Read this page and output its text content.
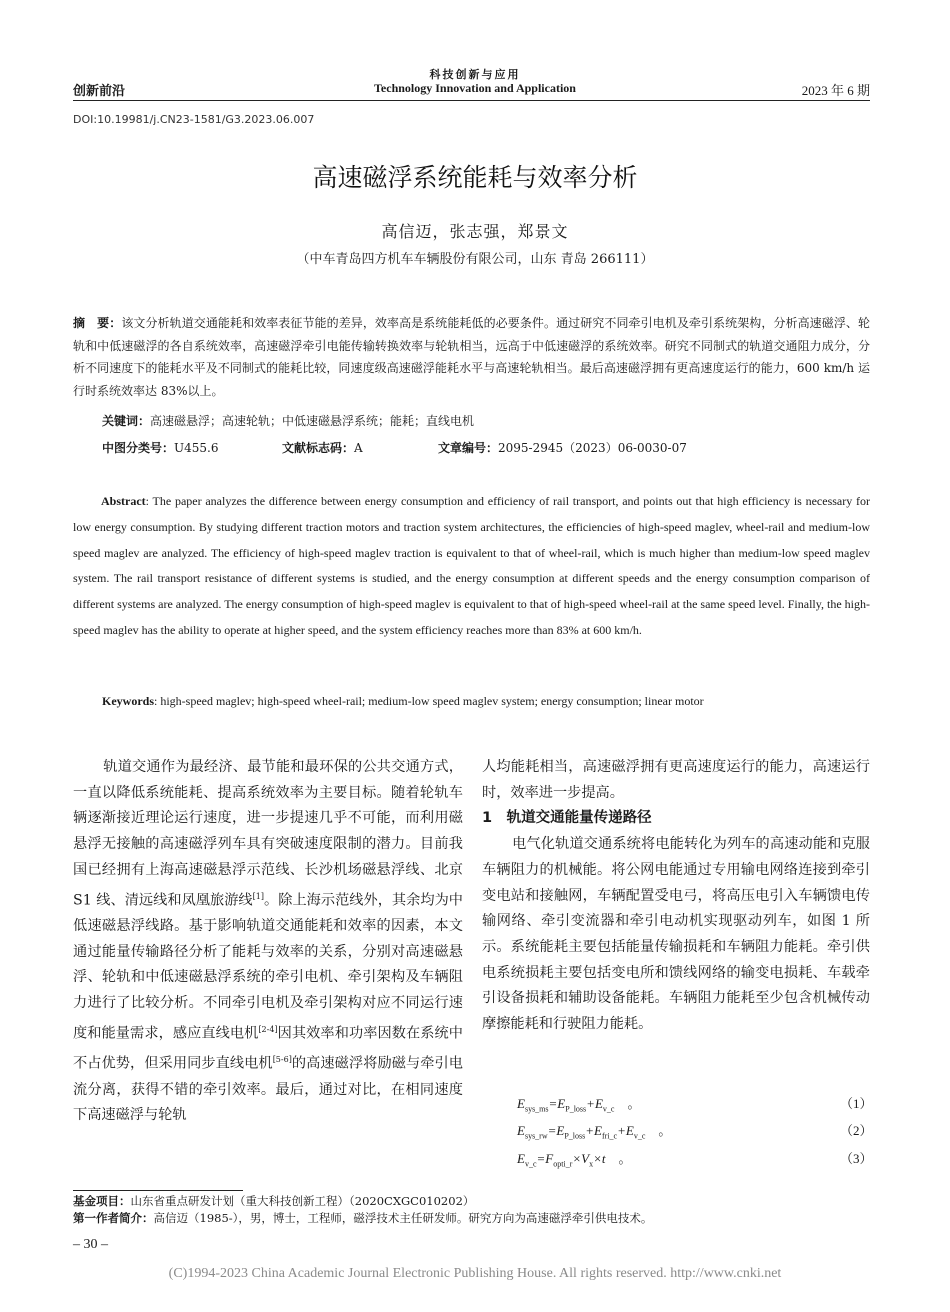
创新前沿
科技创新与应用
Technology Innovation and Application	2023 年 6 期
DOI:10.19981/j.CN23-1581/G3.2023.06.007
高速磁浮系统能耗与效率分析
高信迈，张志强，郑景文
（中车青岛四方机车车辆股份有限公司，山东 青岛 266111）
摘　要：该文分析轨道交通能耗和效率表征节能的差异，效率高是系统能耗低的必要条件。通过研究不同牵引电机及牵引系统架构，分析高速磁浮、轮轨和中低速磁浮的各自系统效率，高速磁浮牵引电能传输转换效率与轮轨相当，远高于中低速磁浮的系统效率。研究不同制式的轨道交通阻力成分，分析不同速度下的能耗水平及不同制式的能耗比较，同速度级高速磁浮能耗水平与高速轮轨相当。最后高速磁浮拥有更高速度运行的能力，600 km/h 运行时系统效率达 83%以上。
关键词：高速磁悬浮；高速轮轨；中低速磁悬浮系统；能耗；直线电机
中图分类号：U455.6	文献标志码：A	文章编号：2095-2945（2023）06-0030-07
Abstract: The paper analyzes the difference between energy consumption and efficiency of rail transport, and points out that high efficiency is necessary for low energy consumption. By studying different traction motors and traction system architectures, the efficiencies of high-speed maglev, wheel-rail and medium-low speed maglev are analyzed. The efficiency of high-speed maglev traction is equivalent to that of wheel-rail, which is much higher than medium-low speed maglev system. The rail transport resistance of different systems is studied, and the energy consumption at different speeds and the energy consumption comparison of different systems are analyzed. The energy consumption of high-speed maglev is equivalent to that of high-speed wheel-rail at the same speed level. Finally, the high-speed maglev has the ability to operate at higher speed, and the system efficiency reaches more than 83% at 600 km/h.
Keywords: high-speed maglev; high-speed wheel-rail; medium-low speed maglev system; energy consumption; linear motor
轨道交通作为最经济、最节能和最环保的公共交通方式，一直以降低系统能耗、提高系统效率为主要目标。随着轮轨车辆逐渐接近理论运行速度，进一步提速几乎不可能，而利用磁悬浮无接触的高速磁浮列车具有突破速度限制的潜力。目前我国已经拥有上海高速磁悬浮示范线、长沙机场磁悬浮线、北京 S1 线、清远线和凤凰旅游线[1]。除上海示范线外，其余均为中低速磁悬浮线路。基于影响轨道交通能耗和效率的因素，本文通过能量传输路径分析了能耗与效率的关系，分别对高速磁悬浮、轮轨和中低速磁悬浮系统的牵引电机、牵引架构及车辆阻力进行了比较分析。不同牵引电机及牵引架构对应不同运行速度和能量需求，感应直线电机[2-4]因其效率和功率因数在系统中不占优势，但采用同步直线电机[5-6]的高速磁浮将励磁与牵引电流分离，获得不错的牵引效率。最后，通过对比，在相同速度下高速磁浮与轮轨
人均能耗相当，高速磁浮拥有更高速度运行的能力，高速运行时，效率进一步提高。
1　轨道交通能量传递路径
电气化轨道交通系统将电能转化为列车的高速动能和克服车辆阻力的机械能。将公网电能通过专用输电网络连接到牵引变电站和接触网，车辆配置受电弓，将高压电引入车辆馈电传输网络、牵引变流器和牵引电动机实现驱动列车，如图 1 所示。系统能耗主要包括能量传输损耗和车辆阻力能耗。牵引供电系统损耗主要包括变电所和馈线网络的输变电损耗、车载牵引设备损耗和辅助设备能耗。车辆阻力能耗至少包含机械传动摩擦能耗和行驶阻力能耗。
$E_{sys\_ms}=E_{P\_loss}+E_{v\_c}$　 。	（1）
$E_{sys\_rw}=E_{P\_loss}+E_{fri\_c}+E_{v\_c}$　 。	（2）
$E_{v\_c}=F_{opti\_r}\times V_x\times t$　 。	（3）
基金项目：山东省重点研发计划（重大科技创新工程）（2020CXGC010202）
第一作者简介：高信迈（1985-），男，博士，工程师，磁浮技术主任研发师。研究方向为高速磁浮牵引供电技术。
– 30 –
(C)1994-2023 China Academic Journal Electronic Publishing House. All rights reserved. http://www.cnki.net
